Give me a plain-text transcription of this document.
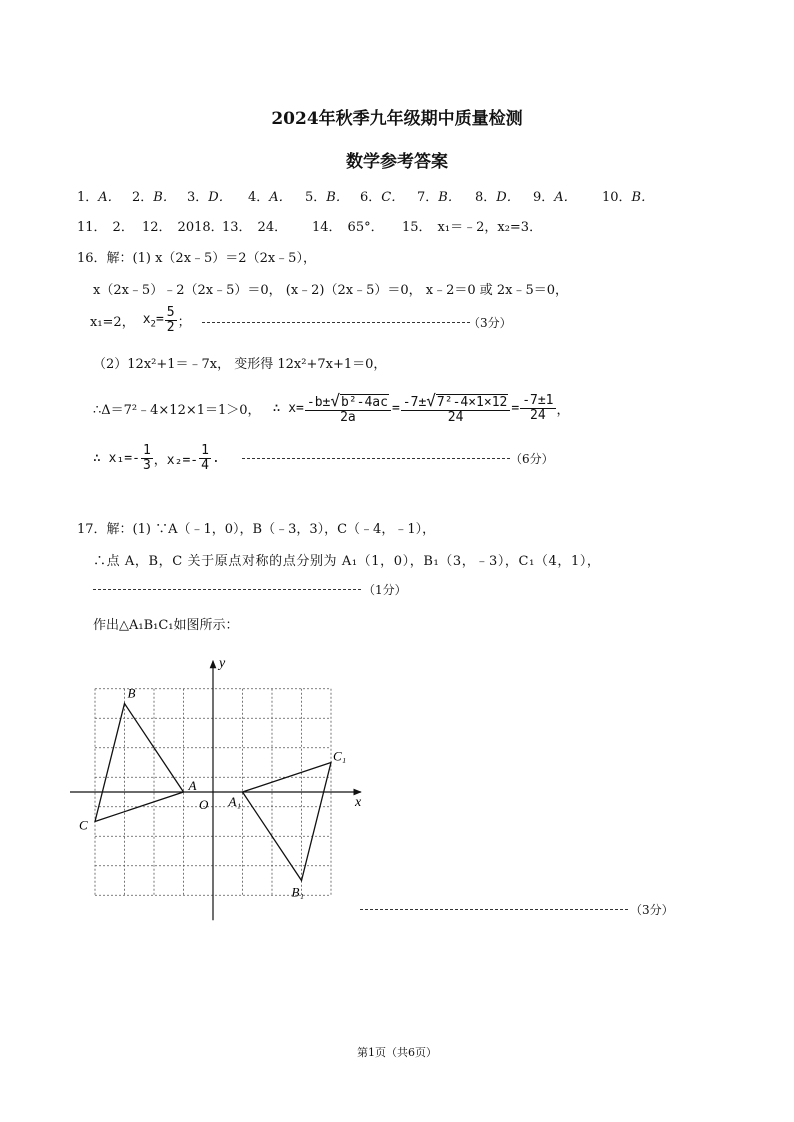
2024年秋季九年级期中质量检测
数学参考答案
1．A． 2．B． 3．D． 4．A． 5．B． 6．C． 7．B． 8．D． 9．A． 10．B．
11． 2． 12． 2018．
13． 24． 14． 65°． 15． x₁＝﹣2，x₂=3．
16．解：(1) x（2x﹣5）＝2（2x﹣5），
x（2x﹣5）﹣2（2x﹣5）＝0， (x﹣2)（2x﹣5）＝0， x﹣2＝0 或 2x﹣5＝0，
x₁=2， $x_2= \frac{5}{2}$ ；	（3分）
（2）12x²+1＝﹣7x， 变形得 12x²+7x+1＝0，
∴Δ＝7²﹣4×12×1＝1＞0， ∴ $x= \frac{\text{-b±√b²-4ac}}{2a} = \frac{\text{-7±√7²-4×1×12}}{24} = \frac{-7\pm 1}{24}$ ，
∴ $x_1=- \frac{1}{3}$ ，$x_2=- \frac{1}{4}$ .	（6分）
17．解：(1) ∵A（﹣1，0），B（﹣3，3），C（﹣4，﹣1），
∴点 A，B，C 关于原点对称的点分别为 A₁（1，0），B₁（3，﹣3），C₁（4，1），
（1分）
作出△A₁B₁C₁如图所示：
A
B
C
A₁
B₁
C₁
x
y
O
（3分）
第1页（共6页）
